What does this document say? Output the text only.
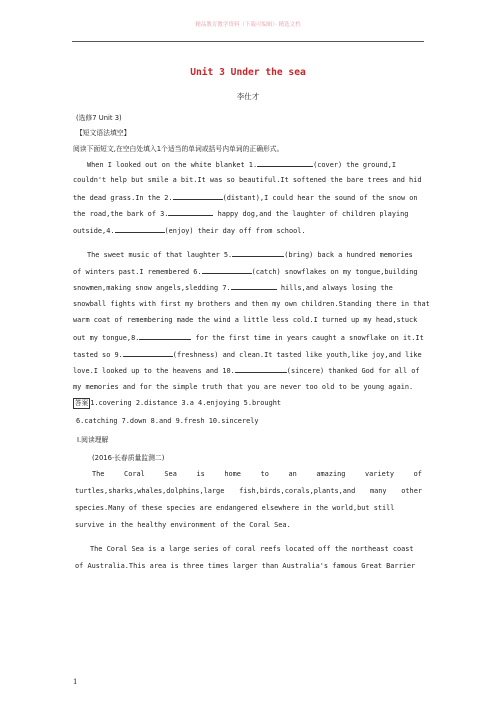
精品教育教学资料（下载可编辑）· 精选文档
Unit 3 Under the sea
李仕才
(选修7 Unit 3)
【短文语法填空】
阅读下面短文,在空白处填入1个适当的单词或括号内单词的正确形式。
When I looked out on the white blanket 1.	(cover) the ground,I
couldn't help but smile a bit.It was so beautiful.It softened the bare trees and hid
the dead grass.In the 2.	(distant),I could hear the sound of the snow on
the road,the bark of 3.	happy dog,and the laughter of children playing
outside,4.	(enjoy) their day off from school.
The sweet music of that laughter 5.	(bring) back a hundred memories
of winters past.I remembered 6.	(catch) snowflakes on my tongue,building
snowmen,making snow angels,sledding 7.	hills,and always losing the
snowball fights with first my brothers and then my own children.Standing there in that
warm coat of remembering made the wind a little less cold.I turned up my head,stuck
out my tongue,8.	for the first time in years caught a snowflake on it.It
tasted so 9.	(freshness) and clean.It tasted like youth,like joy,and like
love.I looked up to the heavens and 10.	(sincere) thanked God for all of
my memories and for the simple truth that you are never too old to be young again.
答案 1.covering 2.distance 3.a 4.enjoying 5.brought
6.catching 7.down 8.and 9.fresh 10.sincerely
Ⅰ.阅读理解
(2016·长春质量监测二)
The	Coral	Sea	is	home	to	an	amazing	variety	of
turtles,sharks,whales,dolphins,large fish,birds,corals,plants,and many other
species.Many of these species are endangered elsewhere in the world,but still
survive in the healthy environment of the Coral Sea.
The Coral Sea is a large series of coral reefs located off the northeast coast
of Australia.This area is three times larger than Australia's famous Great Barrier
1
